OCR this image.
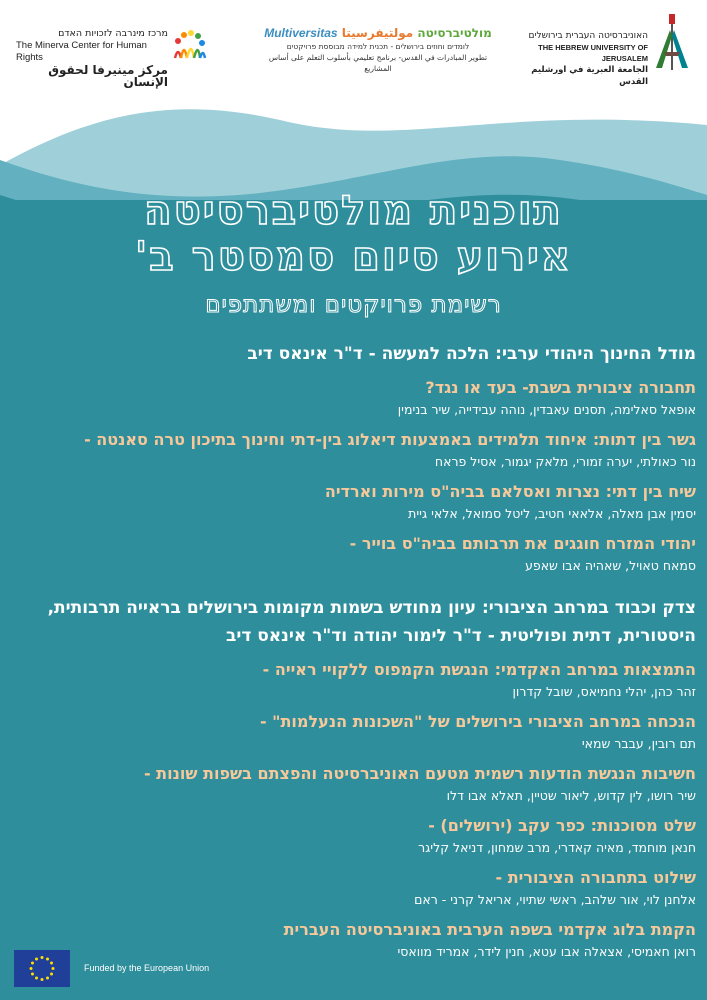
מרכז מינרבה לזכויות האדם
The Minerva Center for Human Rights
مركز مينيرفا لحقوق الإنسان
מולטיברסיטה مولتيفرسيتا Multiversitas
לומדים וחוזים בירושלים - תכנית למידה מבוססת פרויקטים
تطوير المبادرات في القدس- برنامج تعليمي بأسلوب التعلم على أساس المشاريع
האוניברסיטה העברית בירושלים
THE HEBREW UNIVERSITY OF JERUSALEM
الجامعة العبرية في اورشليم القدس
תוכנית מולטיברסיטה
אירוע סיום סמסטר ב'
רשימת פרויקטים ומשתתפים
מודל החינוך היהודי ערבי: הלכה למעשה - ד"ר אינאס דיב
תחבורה ציבורית בשבת- בעד או נגד?
אופאל סאלימה, תסנים עאבדין, נוהה עבידייה, שיר בנימין
גשר בין דתות: איחוד תלמידים באמצעות דיאלוג בין-דתי וחינוך בתיכון טרה סאנטה -
נור כאולתי, יערה זמורי, מלאק יגמור, אסיל פראח
שיח בין דתי: נצרות ואסלאם בביה"ס מירות וארדיה
יסמין אבן מאלה, אלאאי חטיב, ליטל סמואל, אלאי גיית
יהודי המזרח חוגגים את תרבותם בביה"ס בוייר -
סמאח טאויל, שאהיה אבו שאפע
צדק וכבוד במרחב הציבורי: עיון מחודש בשמות מקומות בירושלים בראייה תרבותית, היסטורית, דתית ופוליטית - ד"ר לימור יהודה וד"ר אינאס דיב
התמצאות במרחב האקדמי: הנגשת הקמפוס ללקויי ראייה -
זהר כהן, יהלי נחמיאס, שובל קדרון
הנכחה במרחב הציבורי בירושלים של "השכונות הנעלמות" -
תם רובין, עבבר שמאי
חשיבות הנגשת הודעות רשמית מטעם האוניברסיטה והפצתם בשפות שונות -
שיר רושו, לין קדוש, ליאור שטיין, תאלא אבו דלו
שלט מסוכנות: כפר עקב (ירושלים) -
חנאן מוחמד, מאיה קאדרי, מרב שמחון, דניאל קליגר
שילוט בתחבורה הציבורית -
אלחנן לוי, אור שלהב, ראשי שתיוי, אריאל קרני - ראם
הקמת בלוג אקדמי בשפה הערבית באוניברסיטה העברית
רואן חאמיסי, אצאלה אבו עטא, חנין לידר, אמריד מוואסי
Funded by the European Union
